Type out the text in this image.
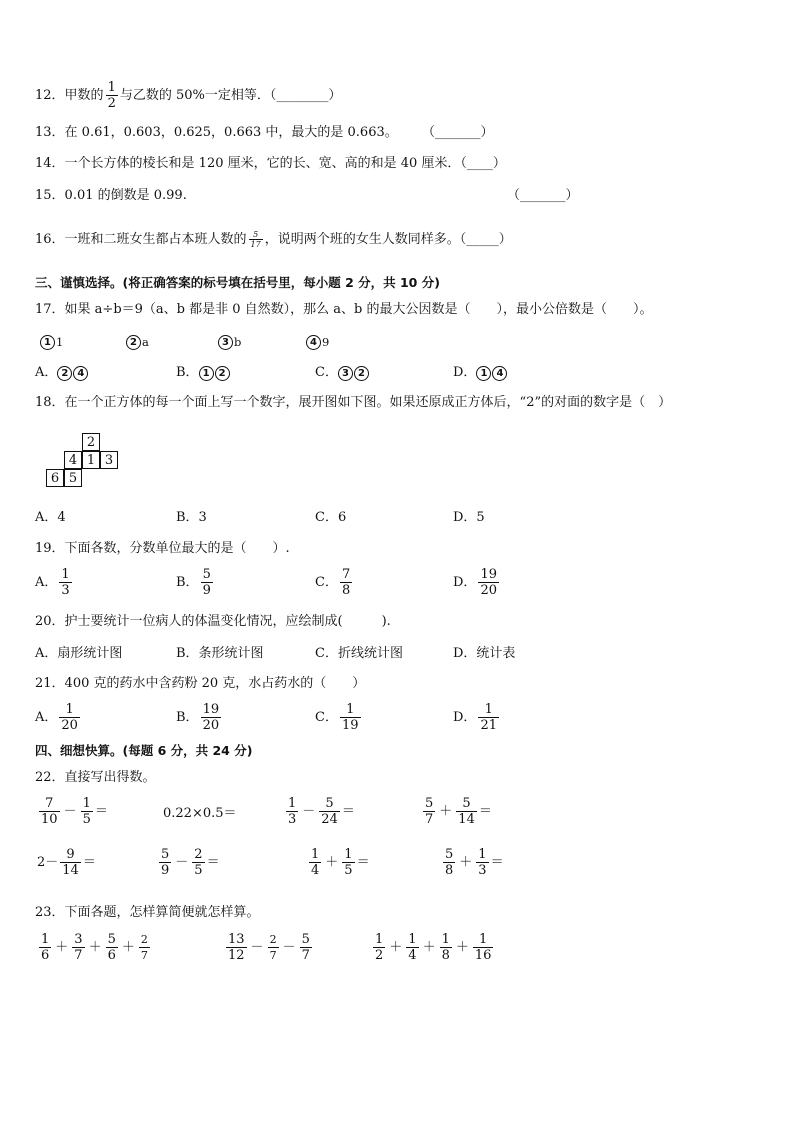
12． 甲数的 $\frac{1}{2}$ 与乙数的 50%一定相等．（________）
13．在 0.61，0.603，0.625，0.663 中，最大的是 0.663。 （_______）
14．一个长方体的棱长和是 120 厘米，它的长、宽、高的和是 40 厘米．（____）
15．0.01 的倒数是 0.99.	（_______）
16．一班和二班女生都占本班人数的 $\frac{5}{17}$ ，说明两个班的女生人数同样多。（_____）
三、谨慎选择。(将正确答案的标号填在括号里，每小题 2 分，共 10 分)
17．如果 a÷b＝9（a、b 都是非 0 自然数），那么 a、b 的最大公因数是（　　），最小公倍数是（　　）。
1 1	2 a	3 b	4 9
A． 2 4	B． 1 2	C． 3 2	D． 1 4
18．在一个正方体的每一个面上写一个数字，展开图如下图。如果还原成正方体后，“2”的对面的数字是（　）
2
4 1 3
6 5
A．4	B．3	C．6	D．5
19．下面各数，分数单位最大的是（　　）.
A． $\frac{1}{3}$	B． $\frac{5}{9}$	C． $\frac{7}{8}$	D． $\frac{19}{20}$
20．护士要统计一位病人的体温变化情况，应绘制成(　　　).
A．扇形统计图	B．条形统计图	C．折线统计图	D．统计表
21．400 克的药水中含药粉 20 克，水占药水的（　　）
A． $\frac{1}{20}$	B． $\frac{19}{20}$	C． $\frac{1}{19}$	D． $\frac{1}{21}$
四、细想快算。(每题 6 分，共 24 分)
22．直接写出得数。
$\frac{7}{10} - \frac{1}{5}$ ＝	0.22×0.5＝	$\frac{1}{3} - \frac{5}{24}$ ＝	$\frac{5}{7} + \frac{5}{14}$ ＝
$2- \frac{9}{14}$ ＝	$\frac{5}{9} - \frac{2}{5}$ ＝	$\frac{1}{4} + \frac{1}{5}$ ＝	$\frac{5}{8} + \frac{1}{3}$ ＝
23．下面各题，怎样算简便就怎样算。
$\frac{1}{6} + \frac{3}{7} + \frac{5}{6} + \frac{2}{7}$	$\frac{13}{12} - \frac{2}{7} - \frac{5}{7}$	$\frac{1}{2} + \frac{1}{4} + \frac{1}{8} + \frac{1}{16}$
